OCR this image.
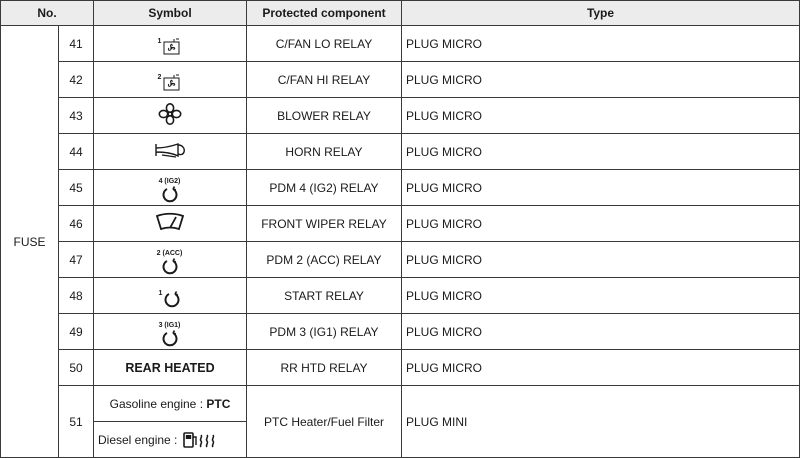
No.		Symbol	Protected component	Type
FUSE	41	1	C/FAN LO RELAY	PLUG MICRO
	42	2	C/FAN HI RELAY	PLUG MICRO
	43		BLOWER RELAY	PLUG MICRO
	44		HORN RELAY	PLUG MICRO
	45	4 (IG2)	PDM 4 (IG2) RELAY	PLUG MICRO
	46		FRONT WIPER RELAY	PLUG MICRO
	47	2 (ACC)	PDM 2 (ACC) RELAY	PLUG MICRO
	48	1	START RELAY	PLUG MICRO
	49	3 (IG1)	PDM 3 (IG1) RELAY	PLUG MICRO
	50	REAR HEATED	RR HTD RELAY	PLUG MICRO
	51	Gasoline engine : PTC	PTC Heater/Fuel Filter	PLUG MINI

		Diesel engine :		
